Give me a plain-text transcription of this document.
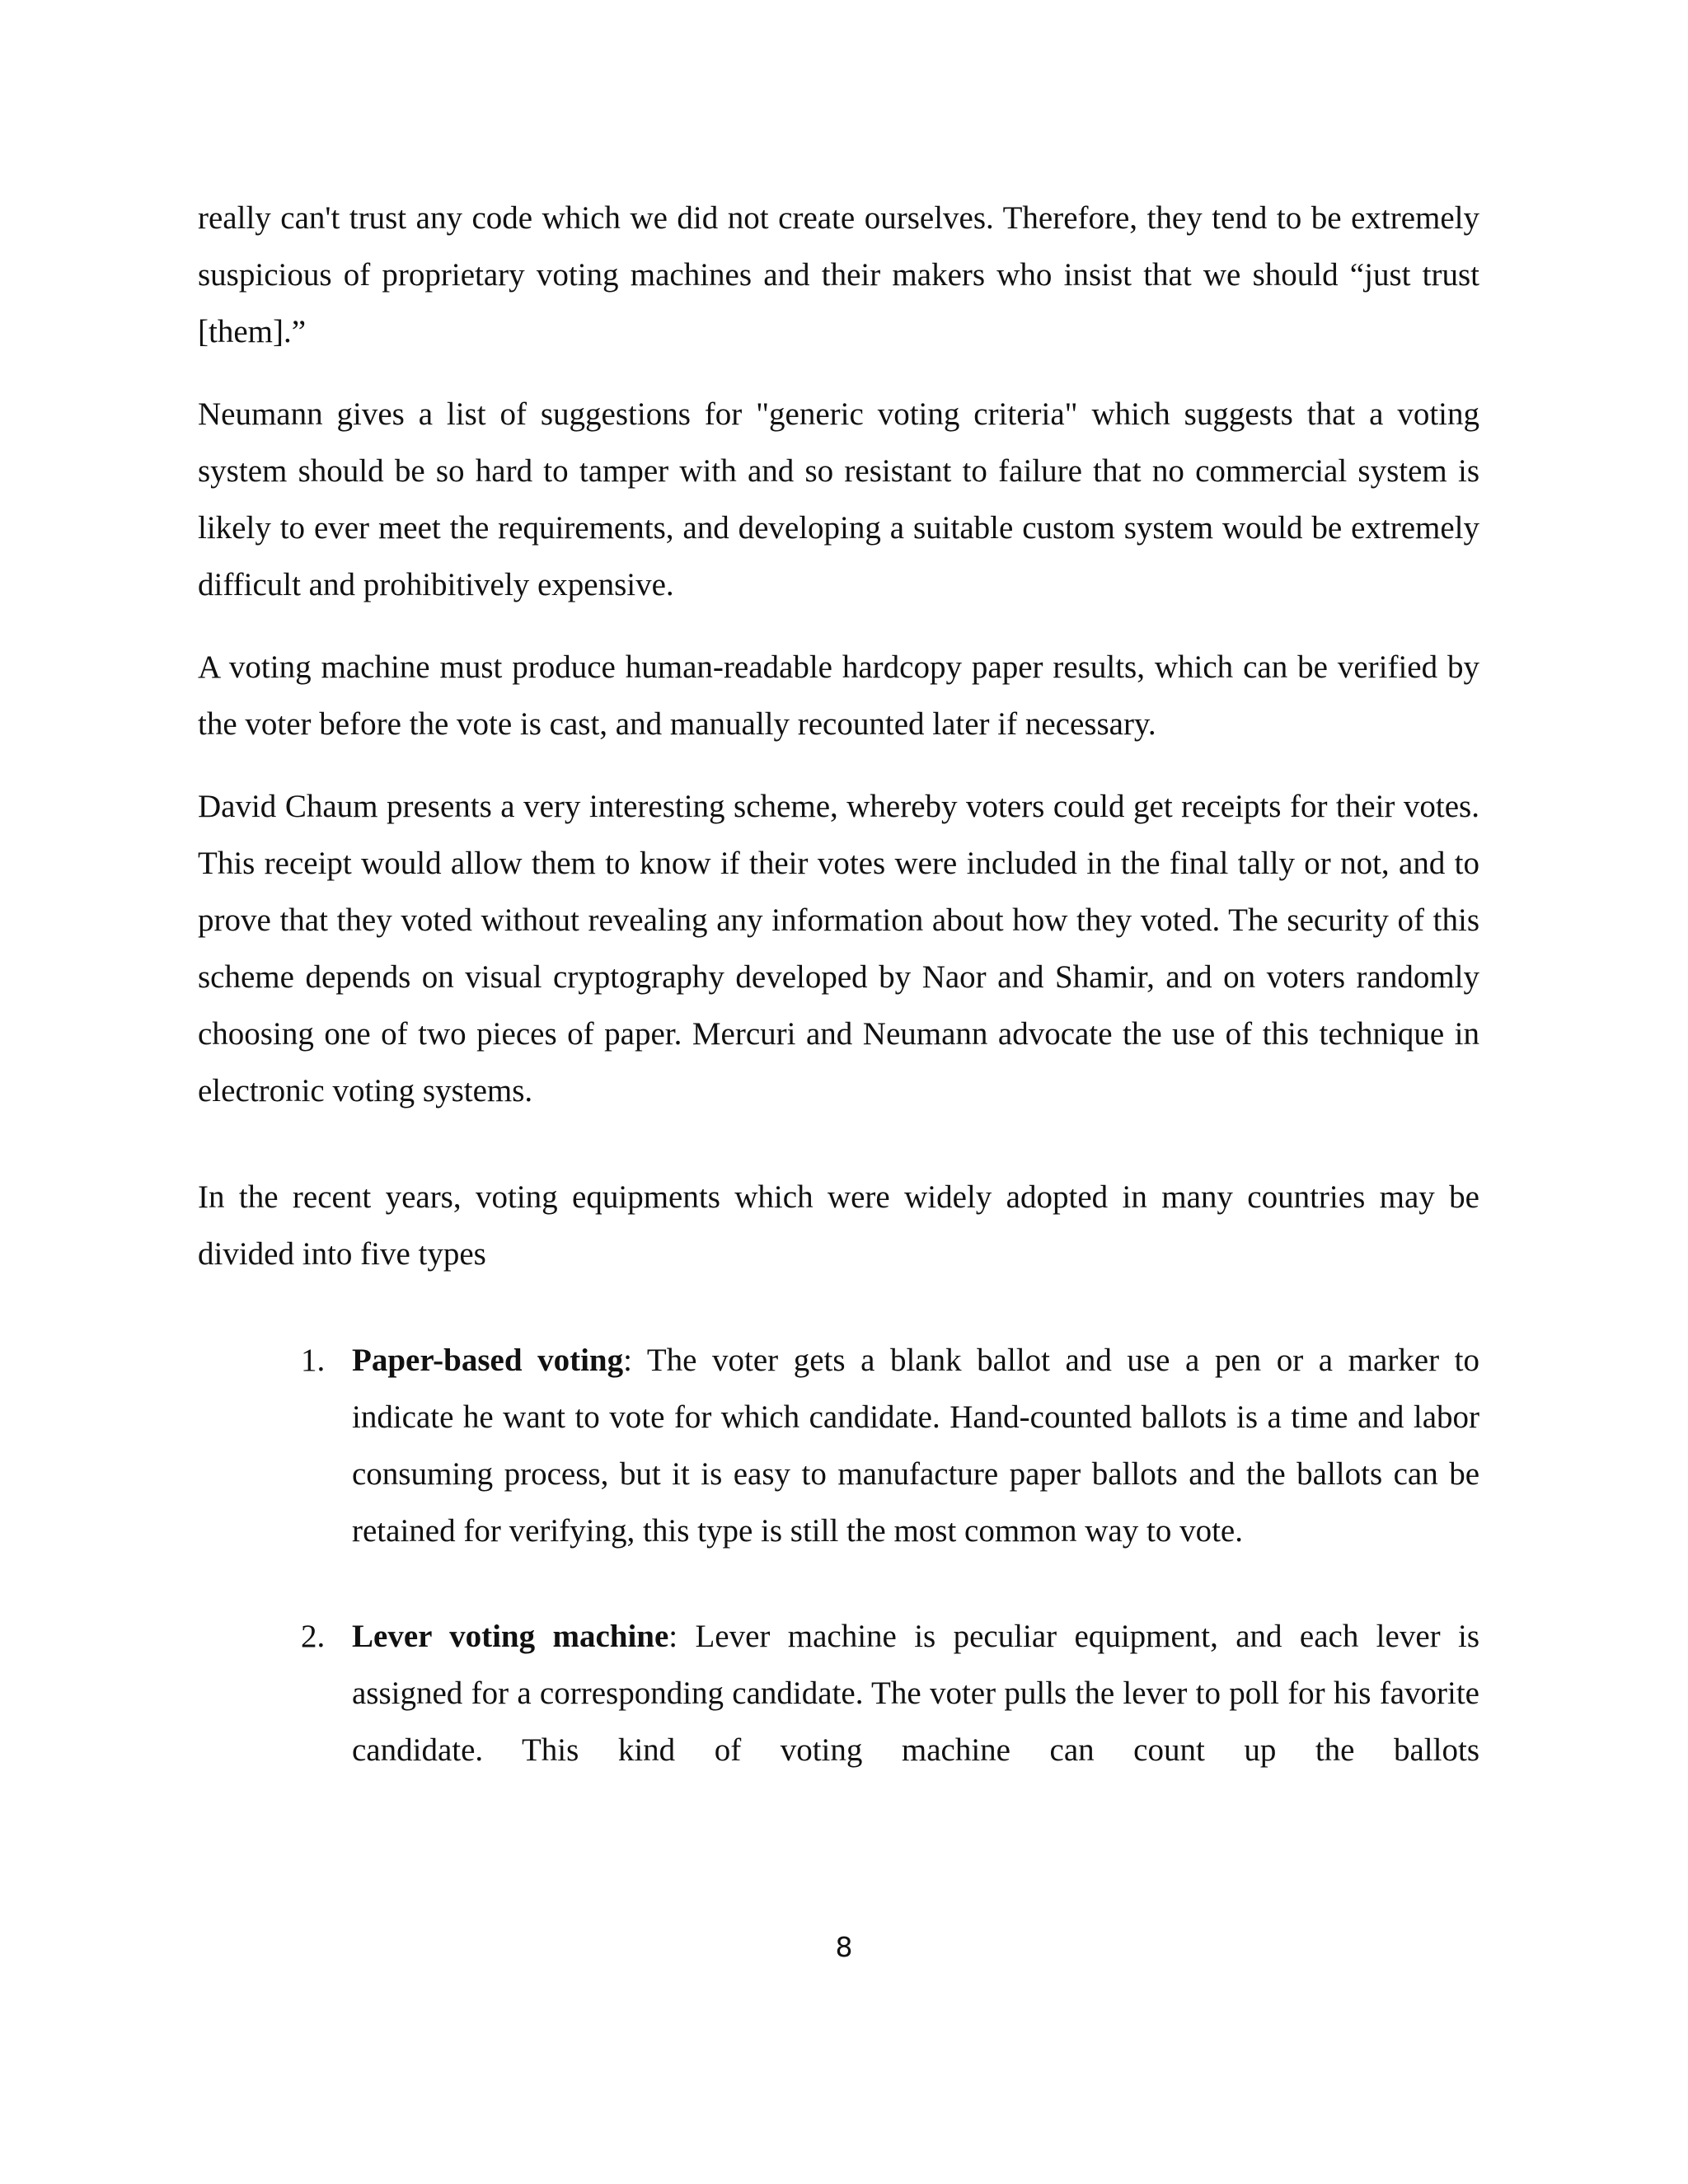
really can't trust any code which we did not create ourselves. Therefore, they tend to be extremely suspicious of proprietary voting machines and their makers who insist that we should “just trust [them].”

Neumann gives a list of suggestions for "generic voting criteria" which suggests that a voting system should be so hard to tamper with and so resistant to failure that no commercial system is likely to ever meet the requirements, and developing a suitable custom system would be extremely difficult and prohibitively expensive.

A voting machine must produce human-readable hardcopy paper results, which can be verified by the voter before the vote is cast, and manually recounted later if necessary.

David Chaum presents a very interesting scheme, whereby voters could get receipts for their votes. This receipt would allow them to know if their votes were included in the final tally or not, and to prove that they voted without revealing any information about how they voted. The security of this scheme depends on visual cryptography developed by Naor and Shamir, and on voters randomly choosing one of two pieces of paper. Mercuri and Neumann advocate the use of this technique in electronic voting systems.

In the recent years, voting equipments which were widely adopted in many countries may be divided into five types

1. Paper-based voting: The voter gets a blank ballot and use a pen or a marker to indicate he want to vote for which candidate. Hand-counted ballots is a time and labor consuming process, but it is easy to manufacture paper ballots and the ballots can be retained for verifying, this type is still the most common way to vote.
2. Lever voting machine: Lever machine is peculiar equipment, and each lever is assigned for a corresponding candidate. The voter pulls the lever to poll for his favorite candidate. This kind of voting machine can count up the ballots
8
